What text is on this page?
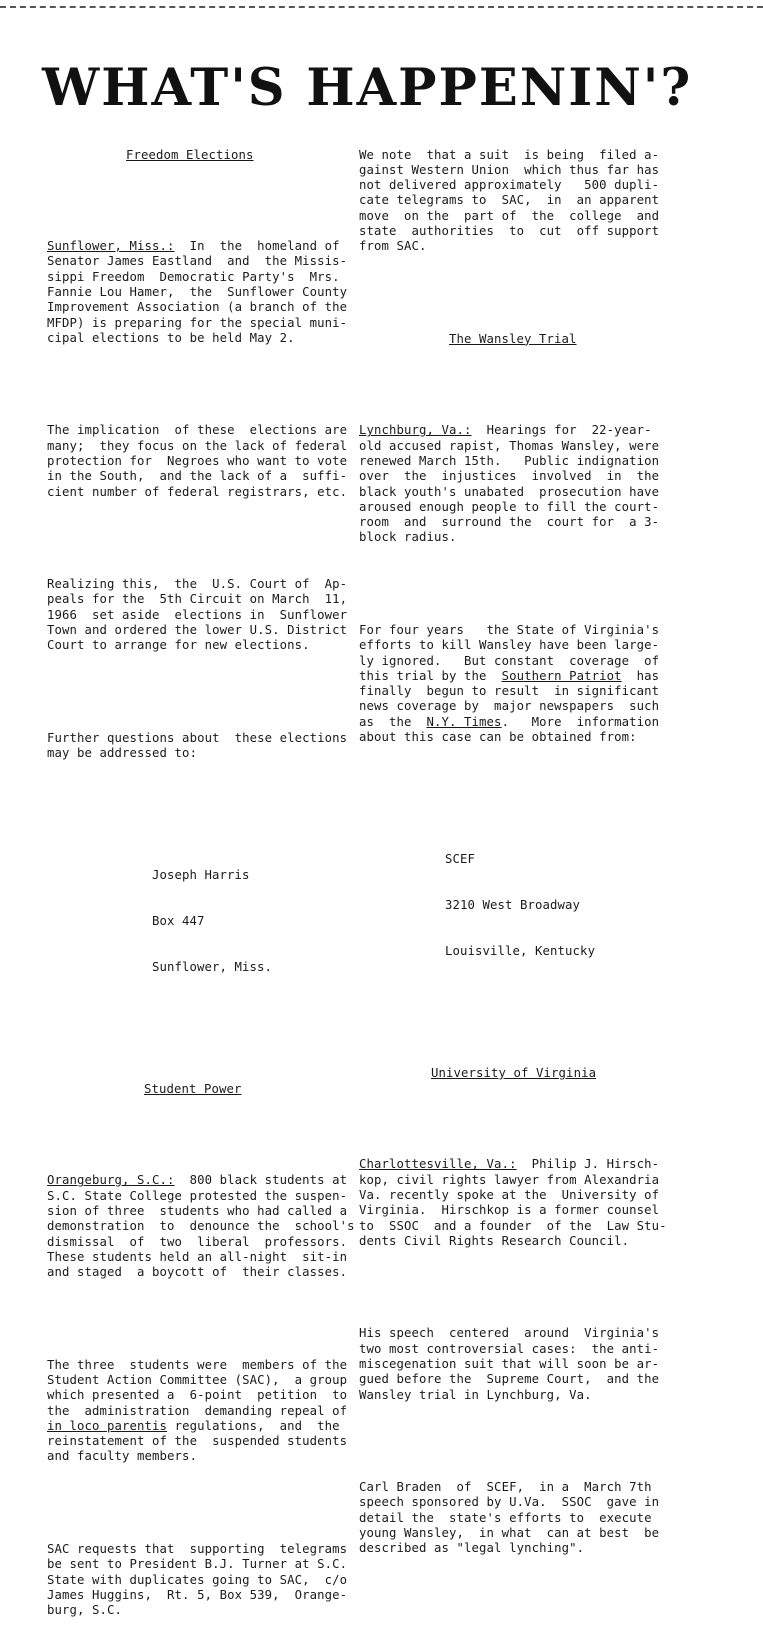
WHAT'S HAPPENIN'?

Freedom Elections

Sunflower, Miss.:  In  the  homeland of
Senator James Eastland  and  the Missis-
sippi Freedom  Democratic Party's  Mrs.
Fannie Lou Hamer,  the  Sunflower County
Improvement Association (a branch of the
MFDP) is preparing for the special muni-
cipal elections to be held May 2.

The implication  of these  elections are
many;  they focus on the lack of federal
protection for  Negroes who want to vote
in the South,  and the lack of a  suffi-
cient number of federal registrars, etc.

Realizing this,  the  U.S. Court of  Ap-
peals for the  5th Circuit on March  11,
1966  set aside  elections in  Sunflower
Town and ordered the lower U.S. District
Court to arrange for new elections.

Further questions about  these elections
may be addressed to:

Joseph Harris

Box 447

Sunflower, Miss.

Student Power

Orangeburg, S.C.:  800 black students at
S.C. State College protested the suspen-
sion of three  students who had called a
demonstration  to  denounce the  school's
dismissal  of  two  liberal  professors.
These students held an all-night  sit-in
and staged  a boycott of  their classes.

The three  students were  members of the
Student Action Committee (SAC),  a group
which presented a  6-point  petition  to
the  administration  demanding repeal of
in loco parentis regulations,  and  the
reinstatement of the  suspended students
and faculty members.

SAC requests that  supporting  telegrams
be sent to President B.J. Turner at S.C.
State with duplicates going to SAC,  c/o
James Huggins,  Rt. 5, Box 539,  Orange-
burg, S.C.

We note  that a suit  is being  filed a-
gainst Western Union  which thus far has
not delivered approximately   500 dupli-
cate telegrams to  SAC,  in  an apparent
move  on the  part of  the  college  and
state  authorities  to  cut  off support
from SAC.

The Wansley Trial

Lynchburg, Va.:  Hearings for  22-year-
old accused rapist, Thomas Wansley, were
renewed March 15th.   Public indignation
over  the  injustices  involved  in  the
black youth's unabated  prosecution have
aroused enough people to fill the court-
room  and  surround the  court for  a 3-
block radius.

For four years   the State of Virginia's
efforts to kill Wansley have been large-
ly ignored.   But constant  coverage  of
this trial by the  Southern Patriot  has
finally  begun to result  in significant
news coverage by  major newspapers  such
as  the  N.Y. Times.   More  information
about this case can be obtained from:

SCEF

3210 West Broadway

Louisville, Kentucky

University of Virginia

Charlottesville, Va.:  Philip J. Hirsch-
kop, civil rights lawyer from Alexandria
Va. recently spoke at the  University of
Virginia.  Hirschkop is a former counsel
to  SSOC  and a founder  of the  Law Stu-
dents Civil Rights Research Council.

His speech  centered  around  Virginia's
two most controversial cases:  the anti-
miscegenation suit that will soon be ar-
gued before the  Supreme Court,  and the
Wansley trial in Lynchburg, Va.

Carl Braden  of  SCEF,  in a  March 7th
speech sponsored by U.Va.  SSOC  gave in
detail the  state's efforts to  execute
young Wansley,  in what  can at best  be
described as "legal lynching".
